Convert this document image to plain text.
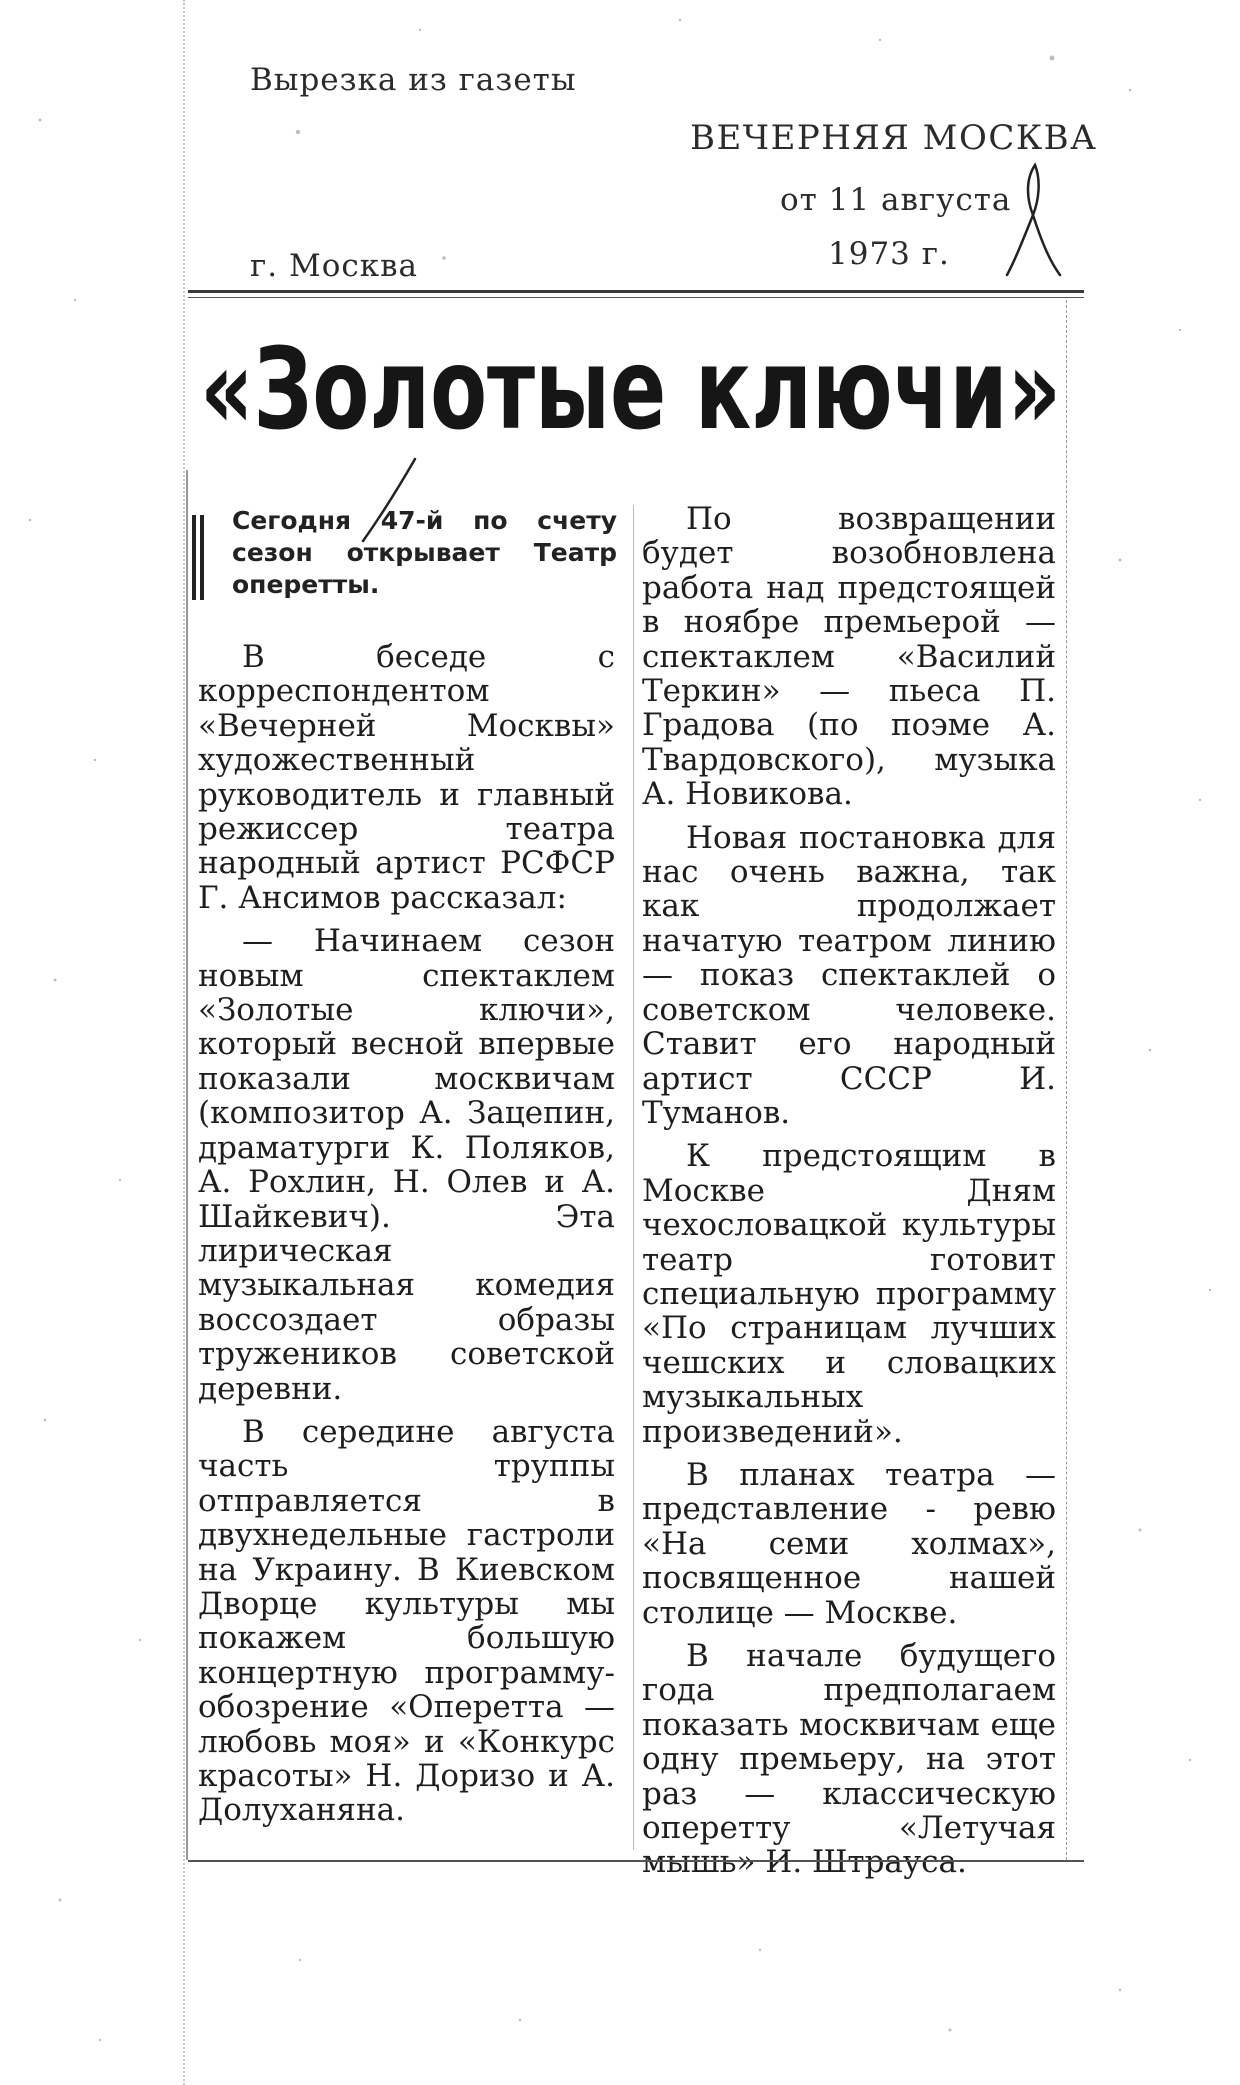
Вырезка из газеты
ВЕЧЕРНЯЯ МОСКВА
от 11 августа
1973 г.
г. Москва
«Золотые ключи»
Сегодня 47-й по счету сезон открывает Театр оперетты.

В беседе с корреспондентом «Вечерней Москвы» художественный руководитель и главный режиссер театра народный артист РСФСР Г. Ансимов рассказал:

— Начинаем сезон новым спектаклем «Золотые ключи», который весной впервые показали москвичам (композитор А. Зацепин, драматурги К. Поляков, А. Рохлин, Н. Олев и А. Шайкевич). Эта лирическая музыкальная комедия воссоздает образы тружеников советской деревни.

В середине августа часть труппы отправляется в двухнедельные гастроли на Украину. В Киевском Дворце культуры мы покажем большую концертную программу-обозрение «Оперетта — любовь моя» и «Конкурс красоты» Н. Доризо и А. Долуханяна.

По возвращении будет возобновлена работа над предстоящей в ноябре премьерой — спектаклем «Василий Теркин» — пьеса П. Градова (по поэме А. Твардовского), музыка А. Новикова.

Новая постановка для нас очень важна, так как продолжает начатую театром линию — показ спектаклей о советском человеке. Ставит его народный артист СССР И. Туманов.

К предстоящим в Москве Дням чехословацкой культуры театр готовит специальную программу «По страницам лучших чешских и словацких музыкальных произведений».

В планах театра — представление - ревю «На семи холмах», посвященное нашей столице — Москве.

В начале будущего года предполагаем показать москвичам еще одну премьеру, на этот раз — классическую оперетту «Летучая мышь» И. Штрауса.
